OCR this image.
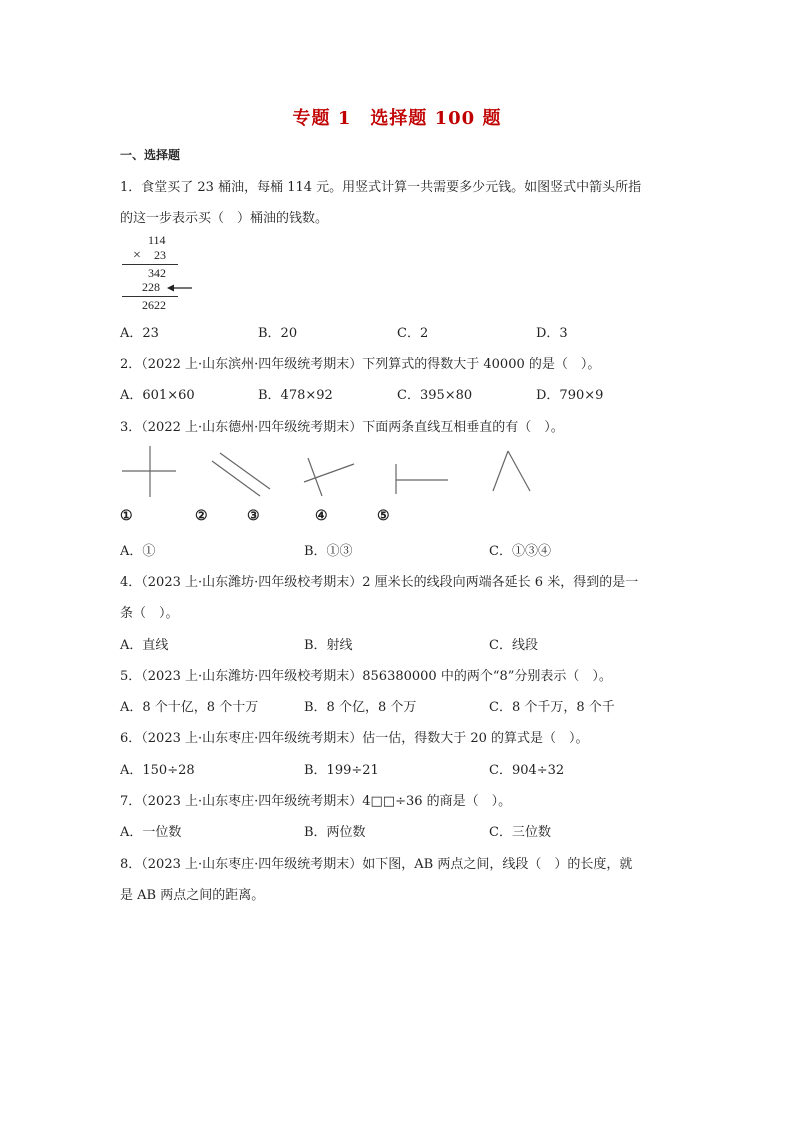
专题 1　选择题 100 题
一、选择题
1．食堂买了 23 桶油，每桶 114 元。用竖式计算一共需要多少元钱。如图竖式中箭头所指
的这一步表示买（　）桶油的钱数。
114
× 23
342
228
2622
A．23	B．20	C．2	D．3
2．（2022 上·山东滨州·四年级统考期末）下列算式的得数大于 40000 的是（　）。
A．601×60	B．478×92	C．395×80	D．790×9
3．（2022 上·山东德州·四年级统考期末）下面两条直线互相垂直的有（　）。
①	②	③	④	⑤
A．①	B．①③	C．①③④
4．（2023 上·山东潍坊·四年级校考期末）2 厘米长的线段向两端各延长 6 米，得到的是一
条（　）。
A．直线	B．射线	C．线段
5．（2023 上·山东潍坊·四年级校考期末）856380000 中的两个“8”分别表示（　）。
A．8 个十亿，8 个十万	B．8 个亿，8 个万	C．8 个千万，8 个千
6．（2023 上·山东枣庄·四年级统考期末）估一估，得数大于 20 的算式是（　）。
A．150÷28	B．199÷21	C．904÷32
7．（2023 上·山东枣庄·四年级统考期末）4□□÷36 的商是（　）。
A．一位数	B．两位数	C．三位数
8．（2023 上·山东枣庄·四年级统考期末）如下图，AB 两点之间，线段（　）的长度，就
是 AB 两点之间的距离。
